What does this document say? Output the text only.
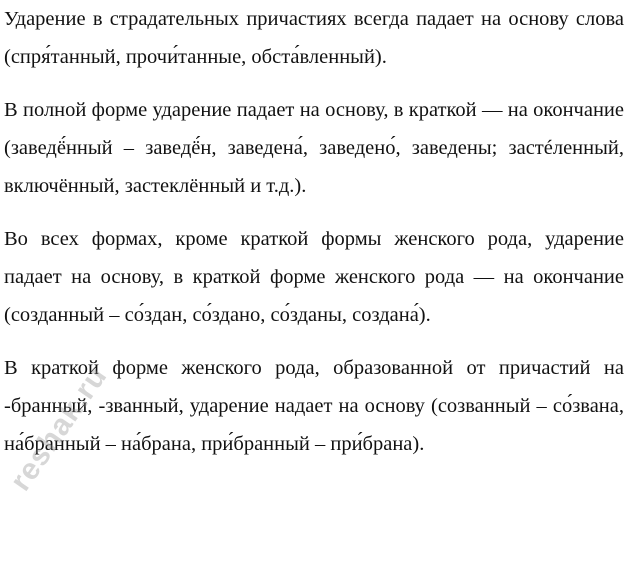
Ударение в страдательных причастиях всегда падает на основу слова (спря́танный, прочи́танные, обста́вленный).

В полной форме ударение падает на основу, в краткой — на окончание (заведё́нный – заведё́н, заведена́, заведено́, заведены; застéленный, включённый, застеклённый и т.д.).

Во всех формах, кроме краткой формы женского рода, ударение падает на основу, в краткой форме женского рода — на окончание (созданный – со́здан, со́здано, со́зданы, создана́).

В краткой форме женского рода, образованной от причастий на -бранный, -званный, ударение надает на основу (созванный – со́звана, на́бранный – на́брана, при́бранный – при́брана).

reshak.ru
